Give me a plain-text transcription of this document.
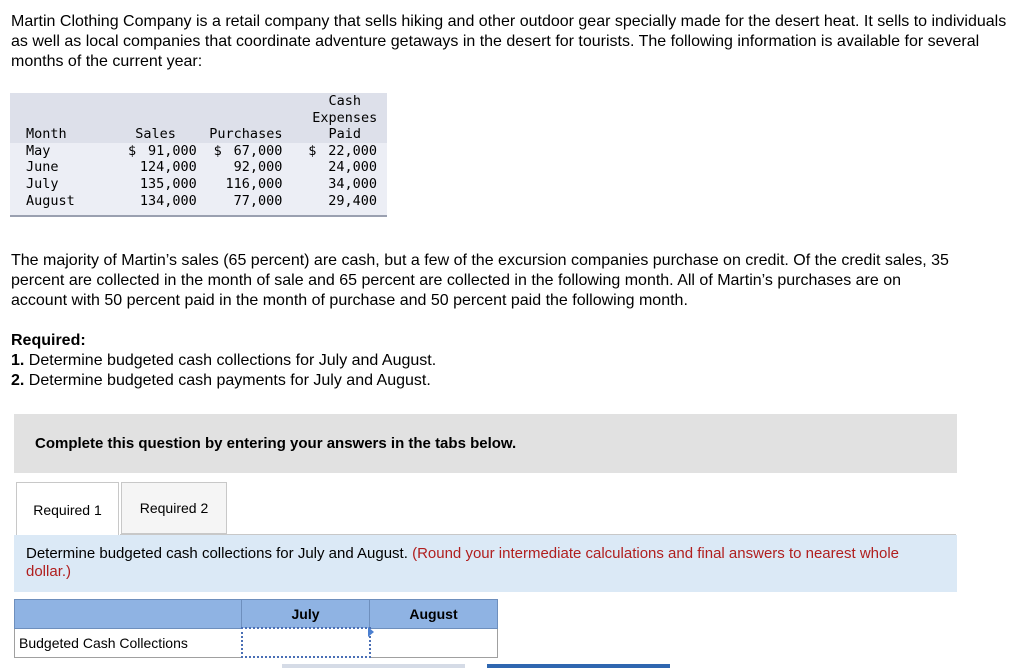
Martin Clothing Company is a retail company that sells hiking and other outdoor gear specially made for the desert heat. It sells to individuals as well as local companies that coordinate adventure getaways in the desert for tourists. The following information is available for several months of the current year:

Month	Sales	Purchases	Cash
Expenses
Paid
May	$ 91,000	$ 67,000	$ 22,000
June	124,000	92,000	24,000
July	135,000	116,000	34,000
August	134,000	77,000	29,400

The majority of Martin’s sales (65 percent) are cash, but a few of the excursion companies purchase on credit. Of the credit sales, 35
percent are collected in the month of sale and 65 percent are collected in the following month. All of Martin’s purchases are on
account with 50 percent paid in the month of purchase and 50 percent paid the following month.
Required:
1. Determine budgeted cash collections for July and August.
2. Determine budgeted cash payments for July and August.
Complete this question by entering your answers in the tabs below.
Required 1	Required 2
Determine budgeted cash collections for July and August. (Round your intermediate calculations and final answers to nearest whole dollar.)
	July	August
Budgeted Cash Collections		
